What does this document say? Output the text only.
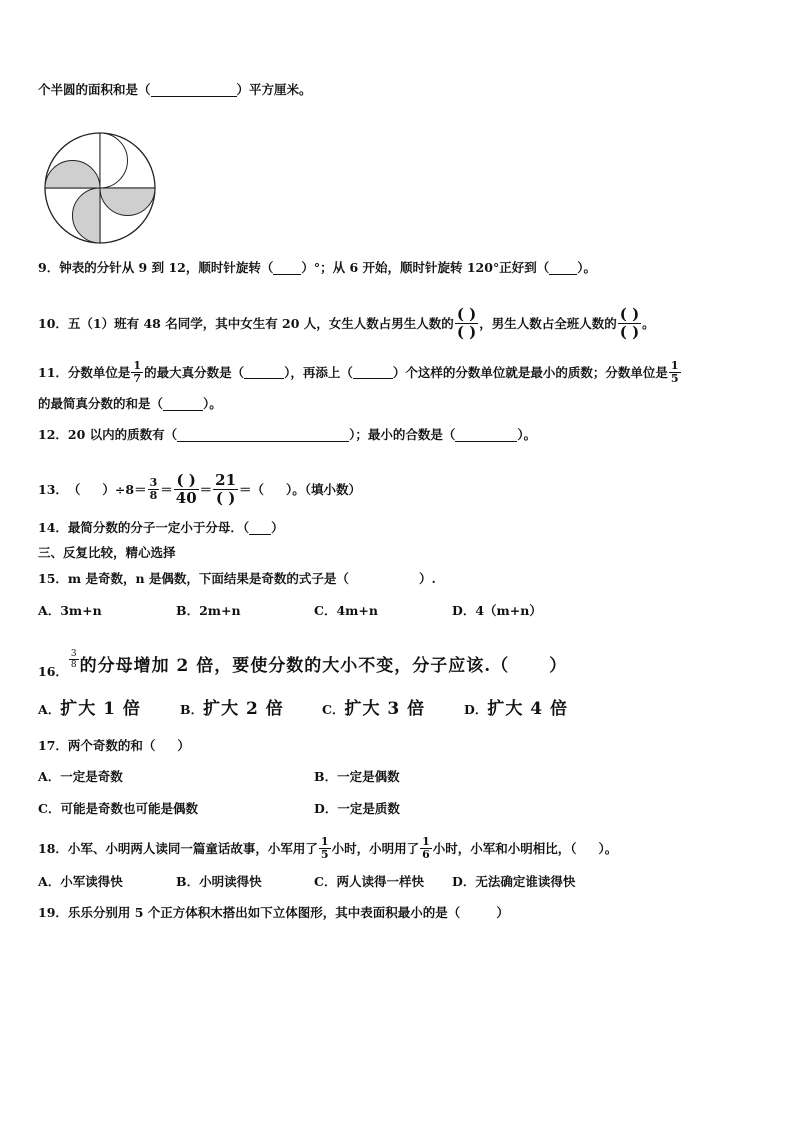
个半圆的面积和是（	）平方厘米。
9． 钟表的分针从 9 到 12，顺时针旋转（ ）°；从 6 开始，顺时针旋转 120°正好到（ ）。
10． 五（1）班有 48 名同学，其中女生有 20 人，女生人数占男生人数的 $\frac{( )}{( )}$ ，男生人数占全班人数的 $\frac{( )}{( )}$ 。
11． 分数单位是 $\frac{1}{7}$ 的最大真分数是（	），再添上（	）个这样的分数单位就是最小的质数；分数单位是 $\frac{1}{5}$
的最简真分数的和是（	）。
12． 20 以内的质数有（	）；最小的合数是（	）。
13． （ ）$\div 8= \frac{3}{8} = \frac{( )}{40} = \frac{21}{( )}$ ＝（ ）。（填小数）
14． 最简分数的分子一定小于分母．（ ）
三、反复比较，精心选择
15． m 是奇数，n 是偶数，下面结果是奇数的式子是（	）.
A．3m+n	B．2m+n	C．4m+n	D．4（m+n）
16．
$\frac{3}{8}$ 的分母增加 2 倍，要使分数的大小不变，分子应该.（ ）
A．扩大 1 倍	B．扩大 2 倍	C．扩大 3 倍	D．扩大 4 倍
17． 两个奇数的和（ ）
A．一定是奇数	B．一定是偶数
C．可能是奇数也可能是偶数	D．一定是质数
18． 小军、小明两人读同一篇童话故事，小军用了 $\frac{1}{5}$ 小时，小明用了 $\frac{1}{6}$ 小时，小军和小明相比，（ ）。
A．小军读得快	B．小明读得快	C．两人读得一样快	D．无法确定谁读得快
19． 乐乐分别用 5 个正方体积木搭出如下立体图形，其中表面积最小的是（	）
